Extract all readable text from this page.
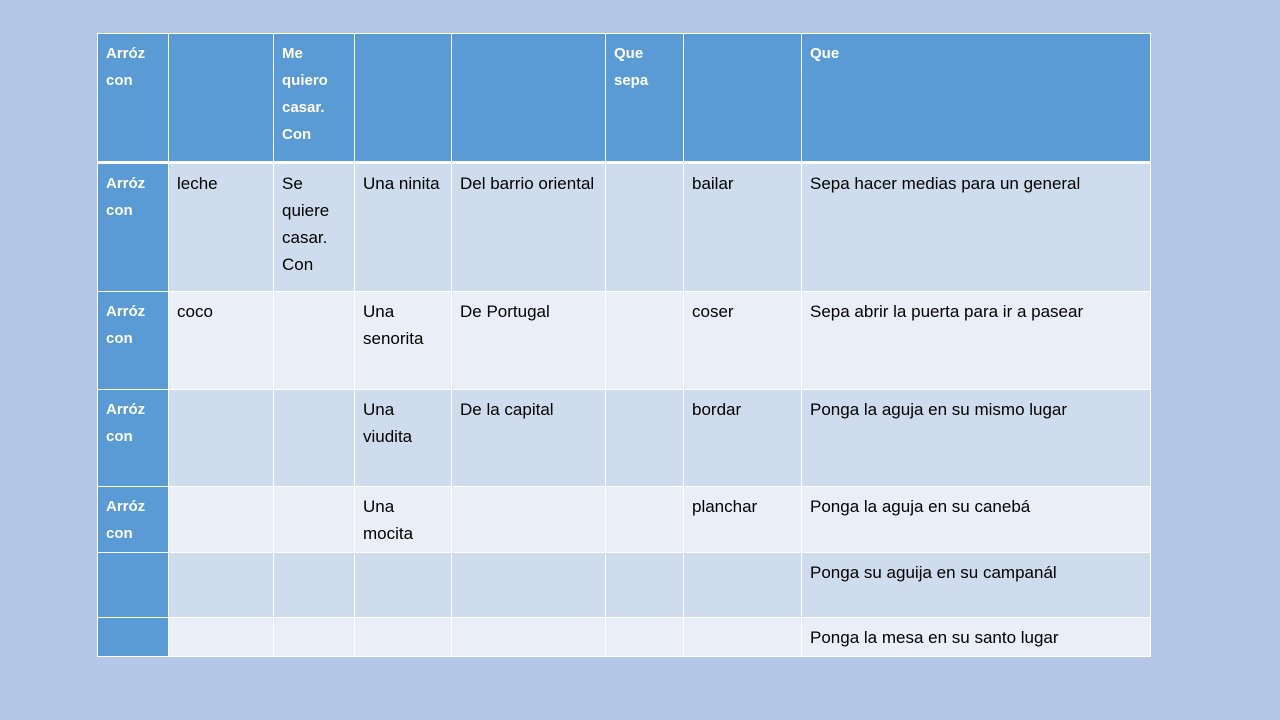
Arróz con		Me quiero casar. Con			Que sepa		Que
Arróz con	leche	Se quiere casar. Con	Una ninita	Del barrio oriental		bailar	Sepa hacer medias para un general
Arróz con	coco		Una senorita	De Portugal		coser	Sepa abrir la puerta para ir a pasear
Arróz con			Una viudita	De la capital		bordar	Ponga la aguja en su mismo lugar
Arróz con			Una mocita			planchar	Ponga la aguja en su canebá
							Ponga su aguija en su campanál
							Ponga la mesa en su santo lugar
